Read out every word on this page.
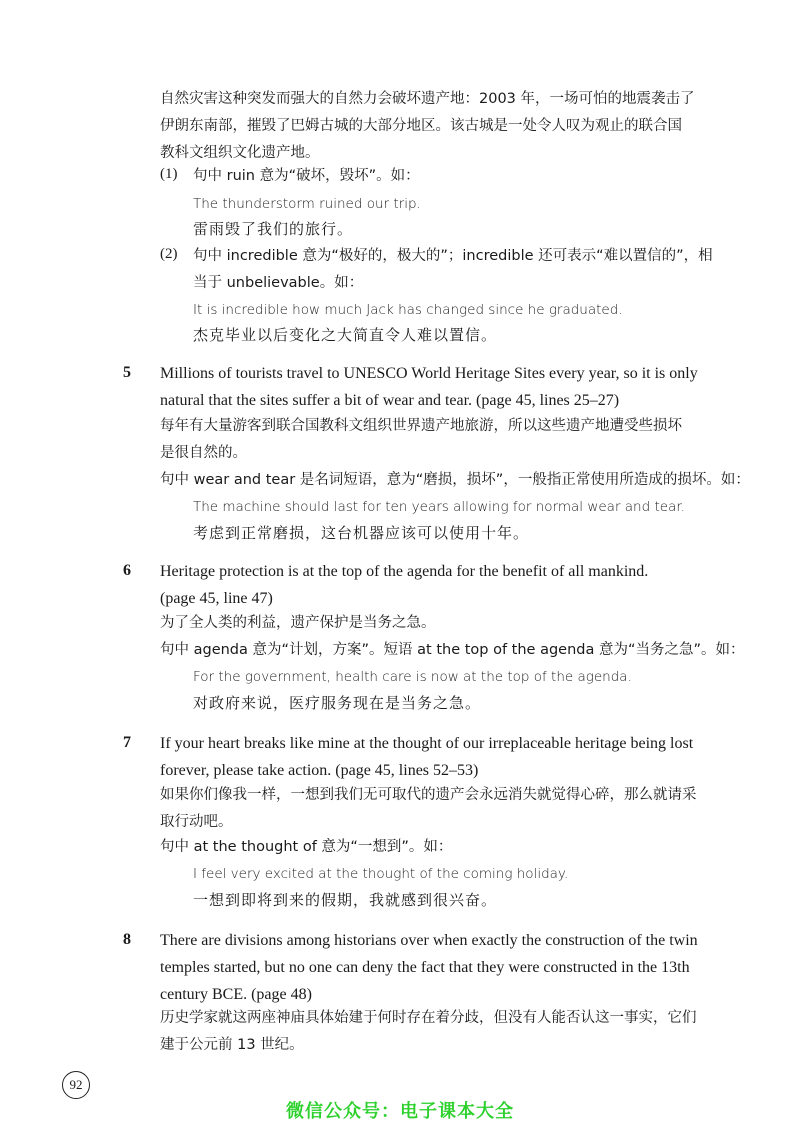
自然灾害这种突发而强大的自然力会破坏遗产地：2003 年，一场可怕的地震袭击了
伊朗东南部，摧毁了巴姆古城的大部分地区。该古城是一处令人叹为观止的联合国
教科文组织文化遗产地。
(1) 句中 ruin 意为“破坏，毁坏”。如：
The thunderstorm ruined our trip.
雷雨毁了我们的旅行。
(2) 句中 incredible 意为“极好的，极大的”；incredible 还可表示“难以置信的”，相
当于 unbelievable。如：
It is incredible how much Jack has changed since he graduated.
杰克毕业以后变化之大简直令人难以置信。
5 Millions of tourists travel to UNESCO World Heritage Sites every year, so it is only
natural that the sites suffer a bit of wear and tear. (page 45, lines 25–27)
每年有大量游客到联合国教科文组织世界遗产地旅游，所以这些遗产地遭受些损坏
是很自然的。
句中 wear and tear 是名词短语，意为“磨损，损坏”，一般指正常使用所造成的损坏。如：
The machine should last for ten years allowing for normal wear and tear.
考虑到正常磨损，这台机器应该可以使用十年。
6 Heritage protection is at the top of the agenda for the benefit of all mankind.
(page 45, line 47)
为了全人类的利益，遗产保护是当务之急。
句中 agenda 意为“计划，方案”。短语 at the top of the agenda 意为“当务之急”。如：
For the government, health care is now at the top of the agenda.
对政府来说，医疗服务现在是当务之急。
7 If your heart breaks like mine at the thought of our irreplaceable heritage being lost
forever, please take action. (page 45, lines 52–53)
如果你们像我一样，一想到我们无可取代的遗产会永远消失就觉得心碎，那么就请采
取行动吧。
句中 at the thought of 意为“一想到”。如：
I feel very excited at the thought of the coming holiday.
一想到即将到来的假期，我就感到很兴奋。
8 There are divisions among historians over when exactly the construction of the twin
temples started, but no one can deny the fact that they were constructed in the 13th
century BCE. (page 48)
历史学家就这两座神庙具体始建于何时存在着分歧，但没有人能否认这一事实，它们
建于公元前 13 世纪。
92
微信公众号：电子课本大全
